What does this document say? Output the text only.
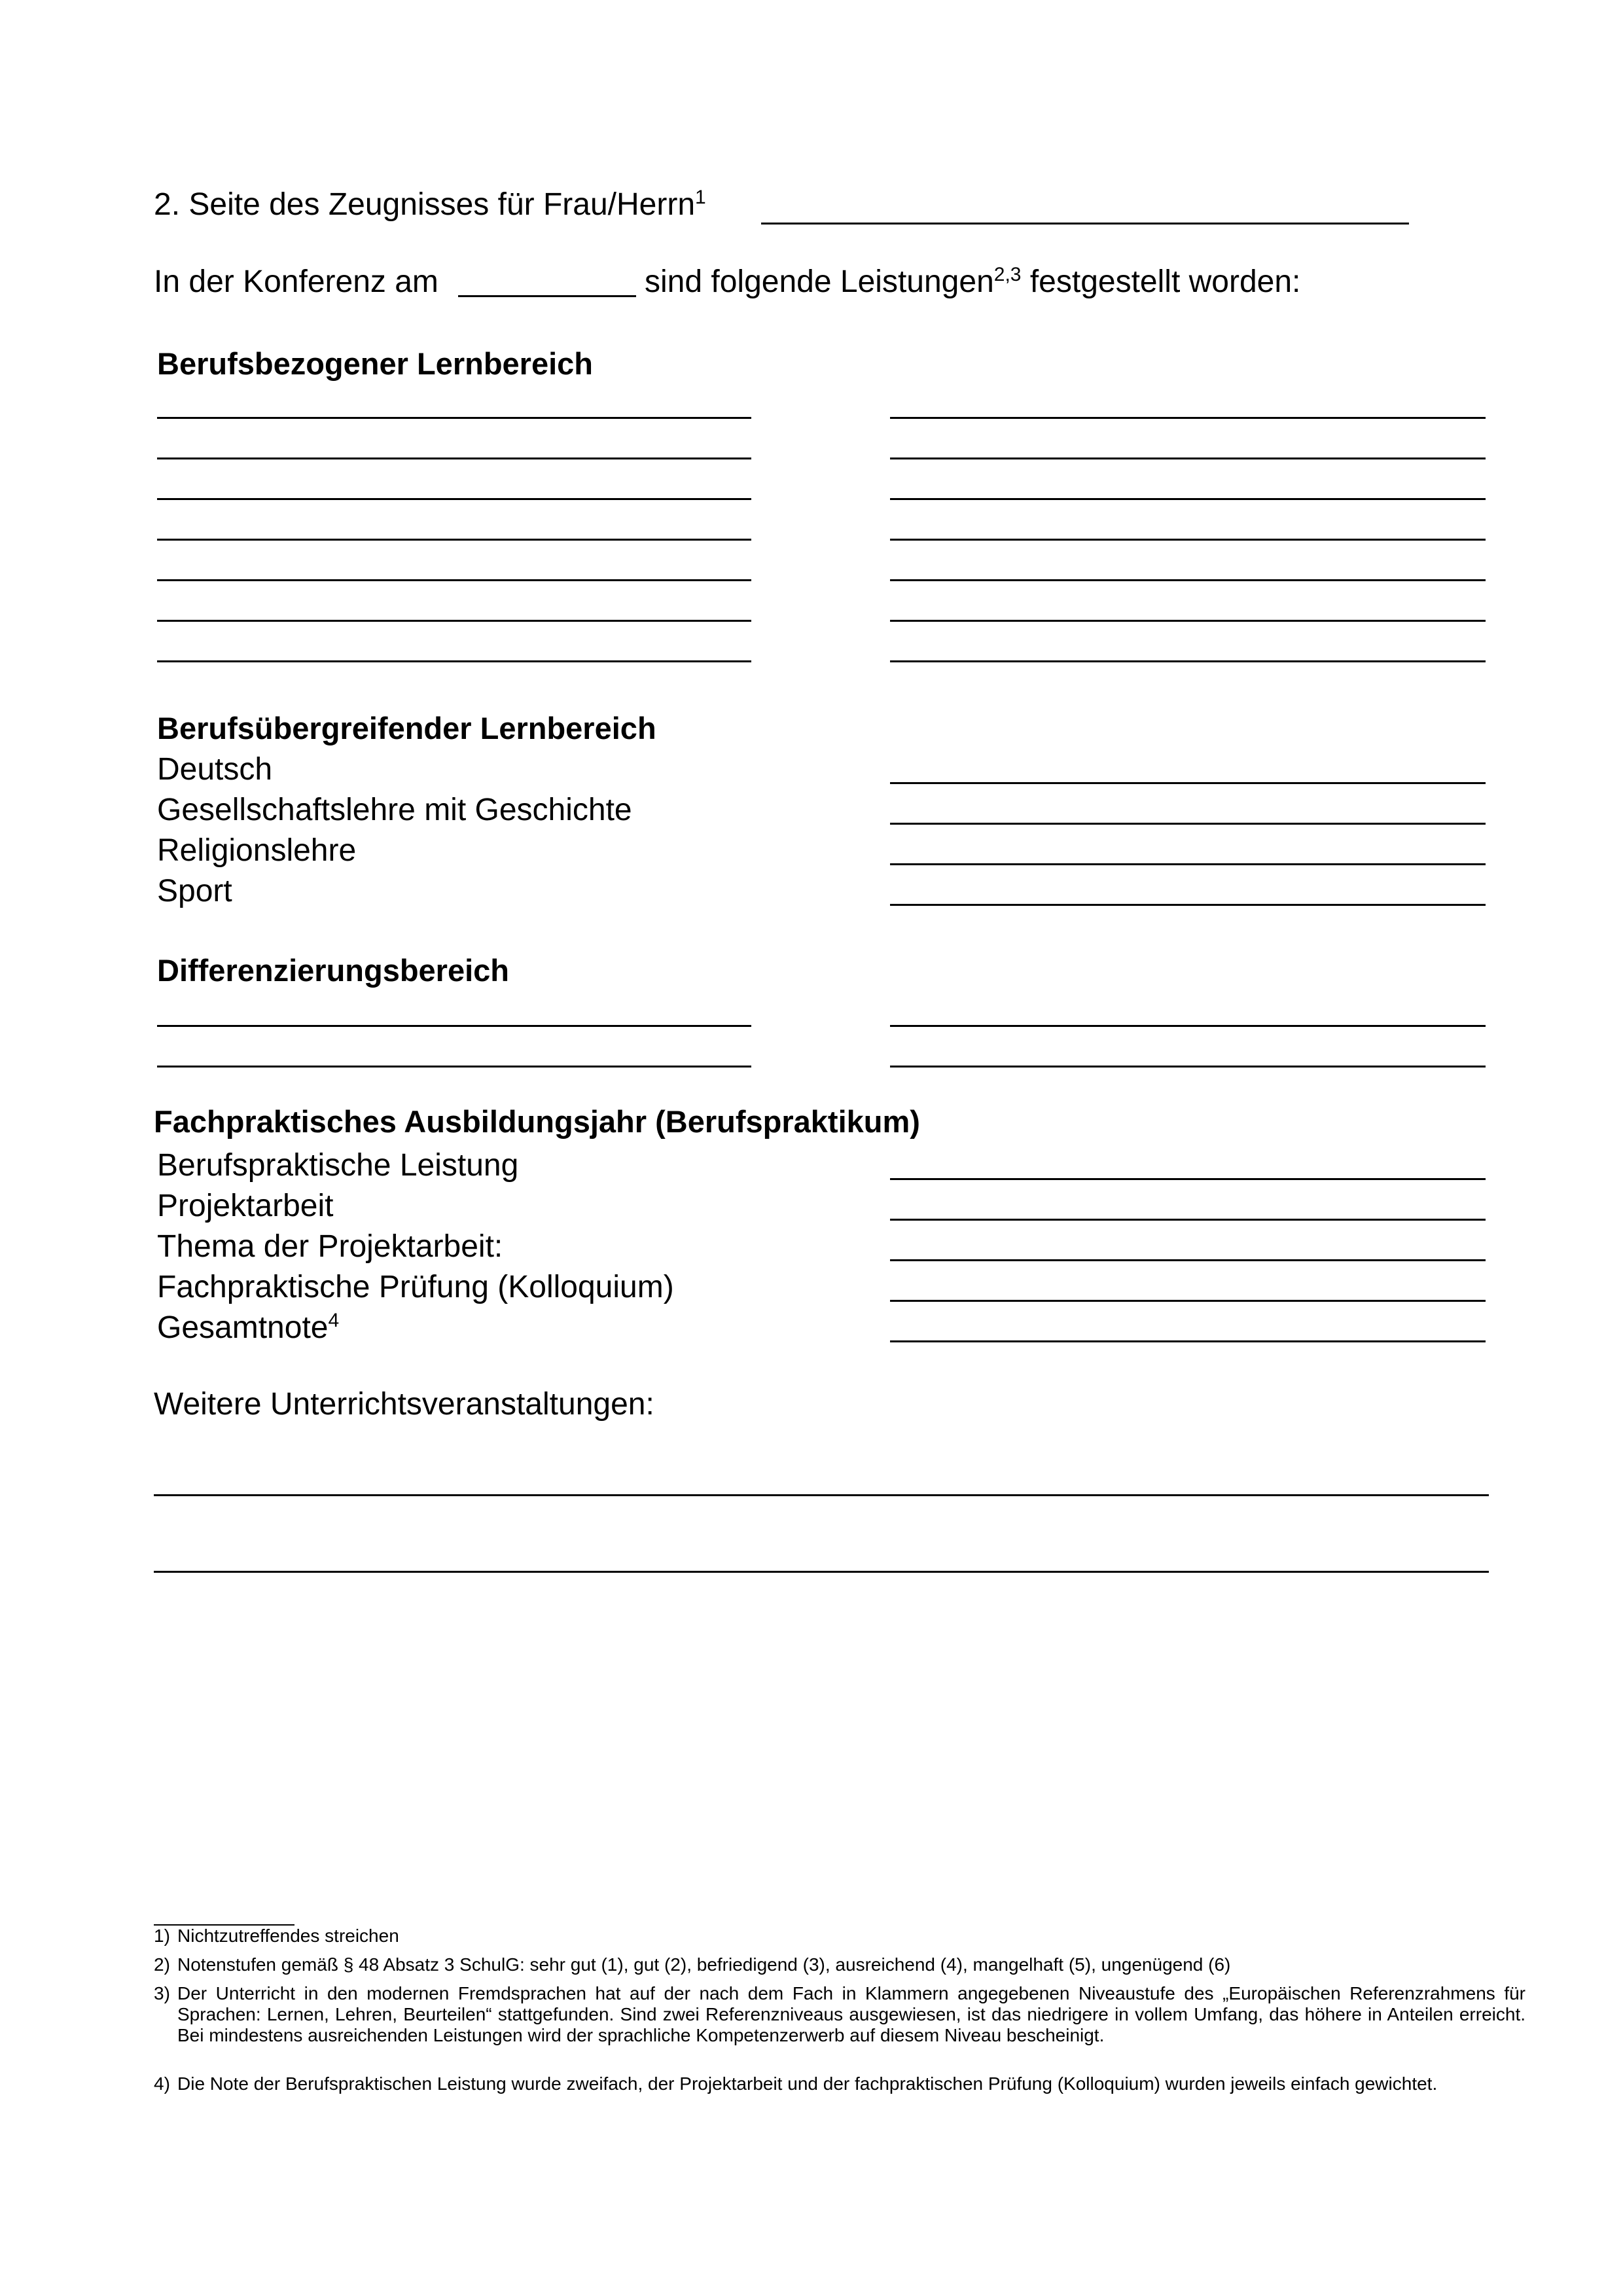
2. Seite des Zeugnisses für Frau/Herrn$^1$
In der Konferenz am	sind folgende Leistungen$^{2,3}$ festgestellt worden:
Berufsbezogener Lernbereich
Berufsübergreifender Lernbereich
Deutsch
Gesellschaftslehre mit Geschichte
Religionslehre
Sport
Differenzierungsbereich
Fachpraktisches Ausbildungsjahr (Berufspraktikum)
Berufspraktische Leistung
Projektarbeit
Thema der Projektarbeit:
Fachpraktische Prüfung (Kolloquium)
Gesamtnote$^4$
Weitere Unterrichtsveranstaltungen:
1) Nichtzutreffendes streichen
2) Notenstufen gemäß § 48 Absatz 3 SchulG: sehr gut (1), gut (2), befriedigend (3), ausreichend (4), mangelhaft (5), ungenügend (6)
3) Der Unterricht in den modernen Fremdsprachen hat auf der nach dem Fach in Klammern angegebenen Niveaustufe des „Europäischen Referenzrahmens für Sprachen: Lernen, Lehren, Beurteilen“ stattgefunden. Sind zwei Referenzniveaus ausgewiesen, ist das niedrigere in vollem Umfang, das höhere in Anteilen erreicht. Bei mindestens ausreichenden Leistungen wird der sprachliche Kompetenzerwerb auf diesem Niveau bescheinigt.
4) Die Note der Berufspraktischen Leistung wurde zweifach, der Projektarbeit und der fachpraktischen Prüfung (Kolloquium) wurden jeweils einfach gewichtet.
